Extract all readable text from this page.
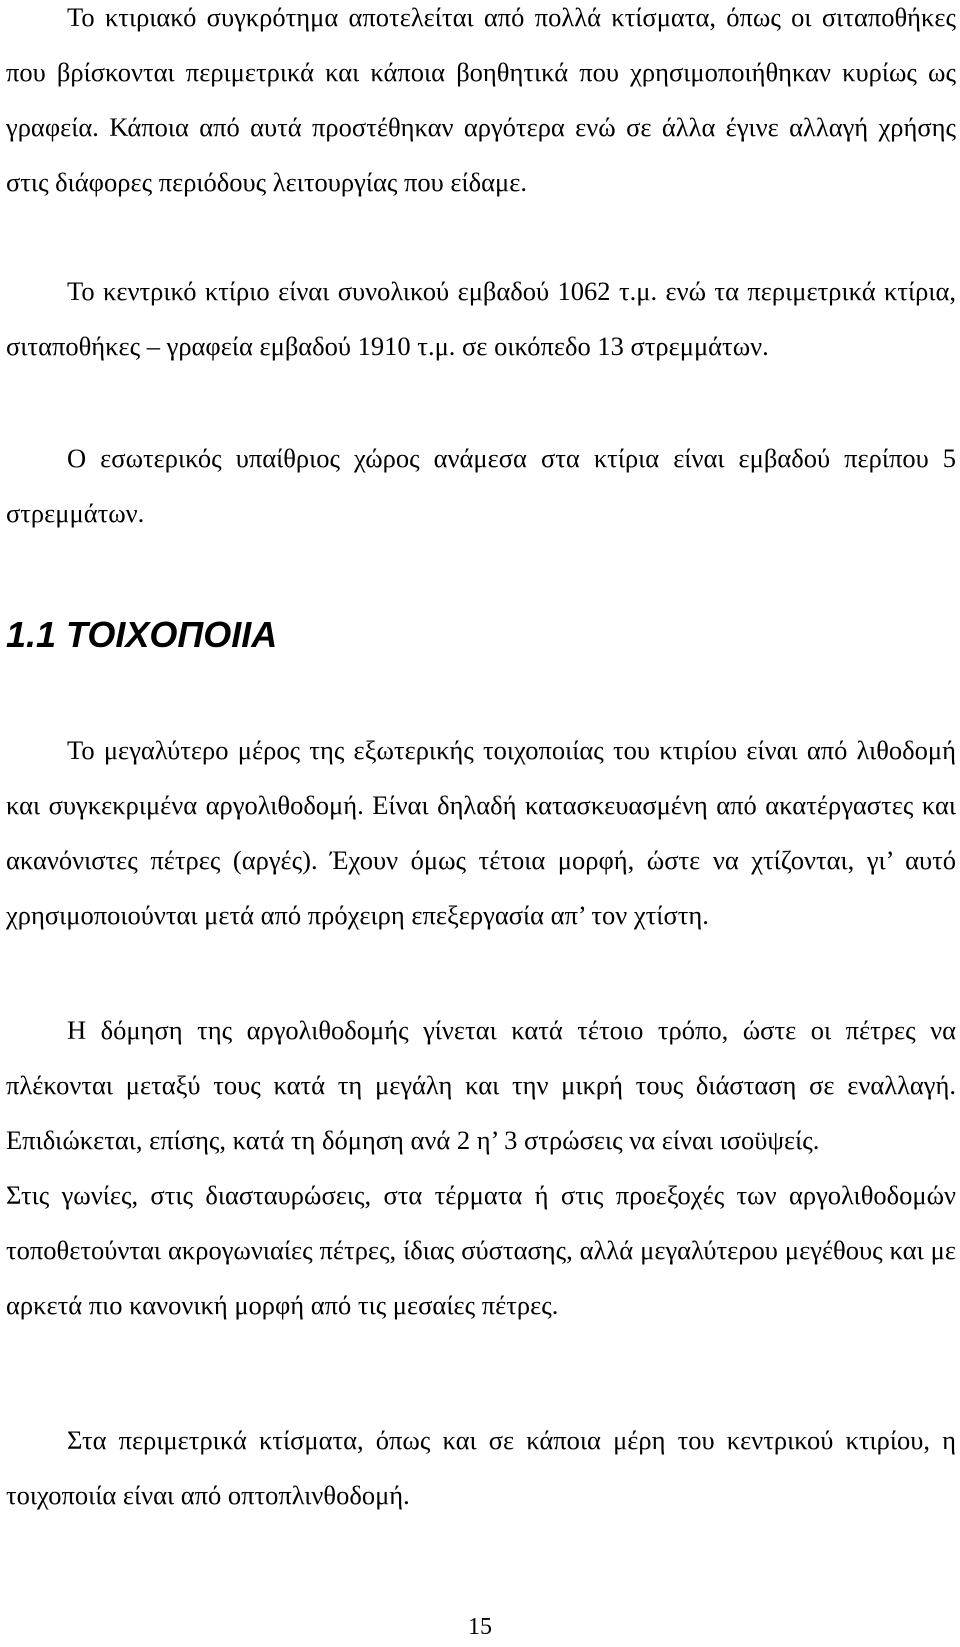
Το κτιριακό συγκρότημα αποτελείται από πολλά κτίσματα, όπως οι σιταποθήκες που βρίσκονται περιμετρικά και κάποια βοηθητικά που χρησιμοποιήθηκαν κυρίως ως γραφεία. Κάποια από αυτά προστέθηκαν αργότερα ενώ σε άλλα έγινε αλλαγή χρήσης στις διάφορες περιόδους λειτουργίας που είδαμε.

Το κεντρικό κτίριο είναι συνολικού εμβαδού 1062 τ.μ. ενώ τα περιμετρικά κτίρια, σιταποθήκες – γραφεία εμβαδού 1910 τ.μ. σε οικόπεδο 13 στρεμμάτων.

Ο εσωτερικός υπαίθριος χώρος ανάμεσα στα κτίρια είναι εμβαδού περίπου 5 στρεμμάτων.

1.1 ΤΟΙΧΟΠΟΙΙΑ

Το μεγαλύτερο μέρος της εξωτερικής τοιχοποιίας του κτιρίου είναι από λιθοδομή και συγκεκριμένα αργολιθοδομή. Είναι δηλαδή κατασκευασμένη από ακατέργαστες και ακανόνιστες πέτρες (αργές). Έχουν όμως τέτοια μορφή, ώστε να χτίζονται, γι’ αυτό χρησιμοποιούνται μετά από πρόχειρη επεξεργασία απ’ τον χτίστη.

Η δόμηση της αργολιθοδομής γίνεται κατά τέτοιο τρόπο, ώστε οι πέτρες να πλέκονται μεταξύ τους κατά τη μεγάλη και την μικρή τους διάσταση σε εναλλαγή. Επιδιώκεται, επίσης, κατά τη δόμηση ανά 2 η’ 3 στρώσεις να είναι ισοϋψείς.

Στις γωνίες, στις διασταυρώσεις, στα τέρματα ή στις προεξοχές των αργολιθοδομών τοποθετούνται ακρογωνιαίες πέτρες, ίδιας σύστασης, αλλά μεγαλύτερου μεγέθους και με αρκετά πιο κανονική μορφή από τις μεσαίες πέτρες.

Στα περιμετρικά κτίσματα, όπως και σε κάποια μέρη του κεντρικού κτιρίου, η τοιχοποιία είναι από οπτοπλινθοδομή.

15
